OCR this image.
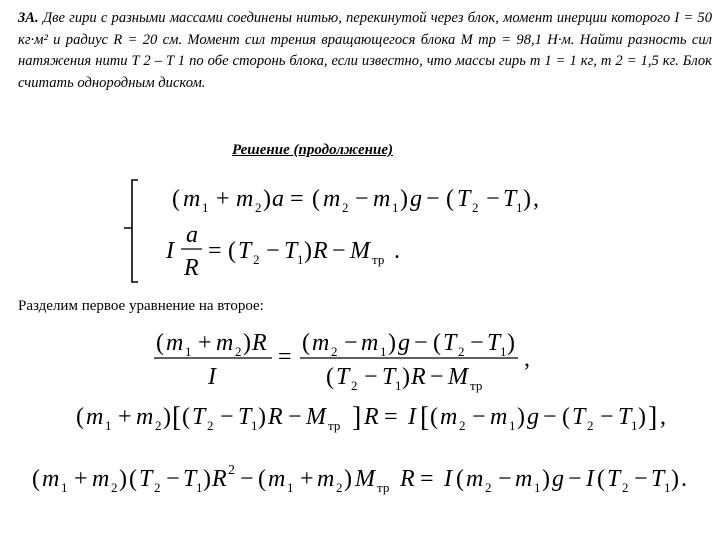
3А. Две гири с разными массами соединены нитью, перекинутой через блок, момент инерции которого I = 50 кг·м² и радиус R = 20 см. Момент сил трения вращающегося блока M тр = 98,1 Н·м. Найти разность сил натяжения нити T 2 – T 1 по обе сторонь блока, если известно, что массы гирь m 1 = 1 кг, m 2 = 1,5 кг. Блок считать однородным диском.
Решение (продолжение)
( m 1 + m 2 ) a = ( m 2 − m 1 ) g − ( T 2 − T 1 ) ,
I
a
R
= ( T 2 − T 1 ) R − M тр .
( m 1 + m 2 ) R
I
=
( m 2 − m 1 ) g − ( T 2 − T 1 )
( T 2 − T 1 ) R − M тр
,
( m 1 + m 2 ) [ ( T 2 − T 1 ) R − M тр ] R = I [ ( m 2 − m 1 ) g − ( T 2 − T 1 ) ] ,
( m 1 + m 2 ) ( T 2 − T 1 ) R 2 − ( m 1 + m 2 ) M тр R = I ( m 2 − m 1 ) g − I ( T 2 − T 1 ) .
Разделим первое уравнение на второе:
